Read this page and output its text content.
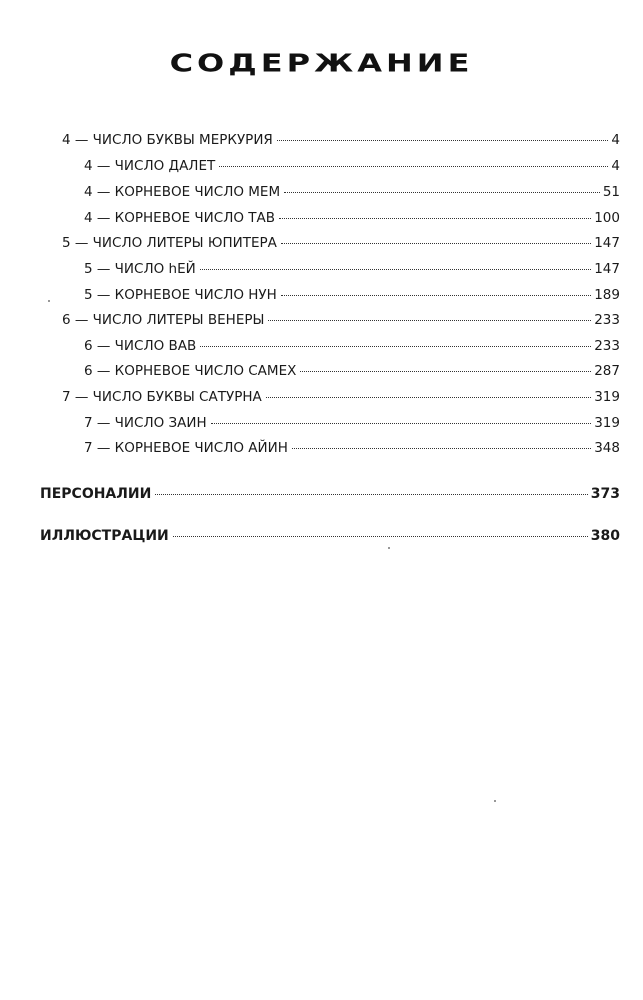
СОДЕРЖАНИЕ
4 — ЧИСЛО БУКВЫ МЕРКУРИЯ	4
4 — ЧИСЛО ДАЛЕТ	4
4 — КОРНЕВОЕ ЧИСЛО МЕМ	51
4 — КОРНЕВОЕ ЧИСЛО ТАВ	100
5 — ЧИСЛО ЛИТЕРЫ ЮПИТЕРА	147
5 — ЧИСЛО hЕЙ	147
5 — КОРНЕВОЕ ЧИСЛО НУН	189
6 — ЧИСЛО ЛИТЕРЫ ВЕНЕРЫ	233
6 — ЧИСЛО ВАВ	233
6 — КОРНЕВОЕ ЧИСЛО САМЕХ	287
7 — ЧИСЛО БУКВЫ САТУРНА	319
7 — ЧИСЛО ЗАИН	319
7 — КОРНЕВОЕ ЧИСЛО АЙИН	348
ПЕРСОНАЛИИ	373
ИЛЛЮСТРАЦИИ	380
